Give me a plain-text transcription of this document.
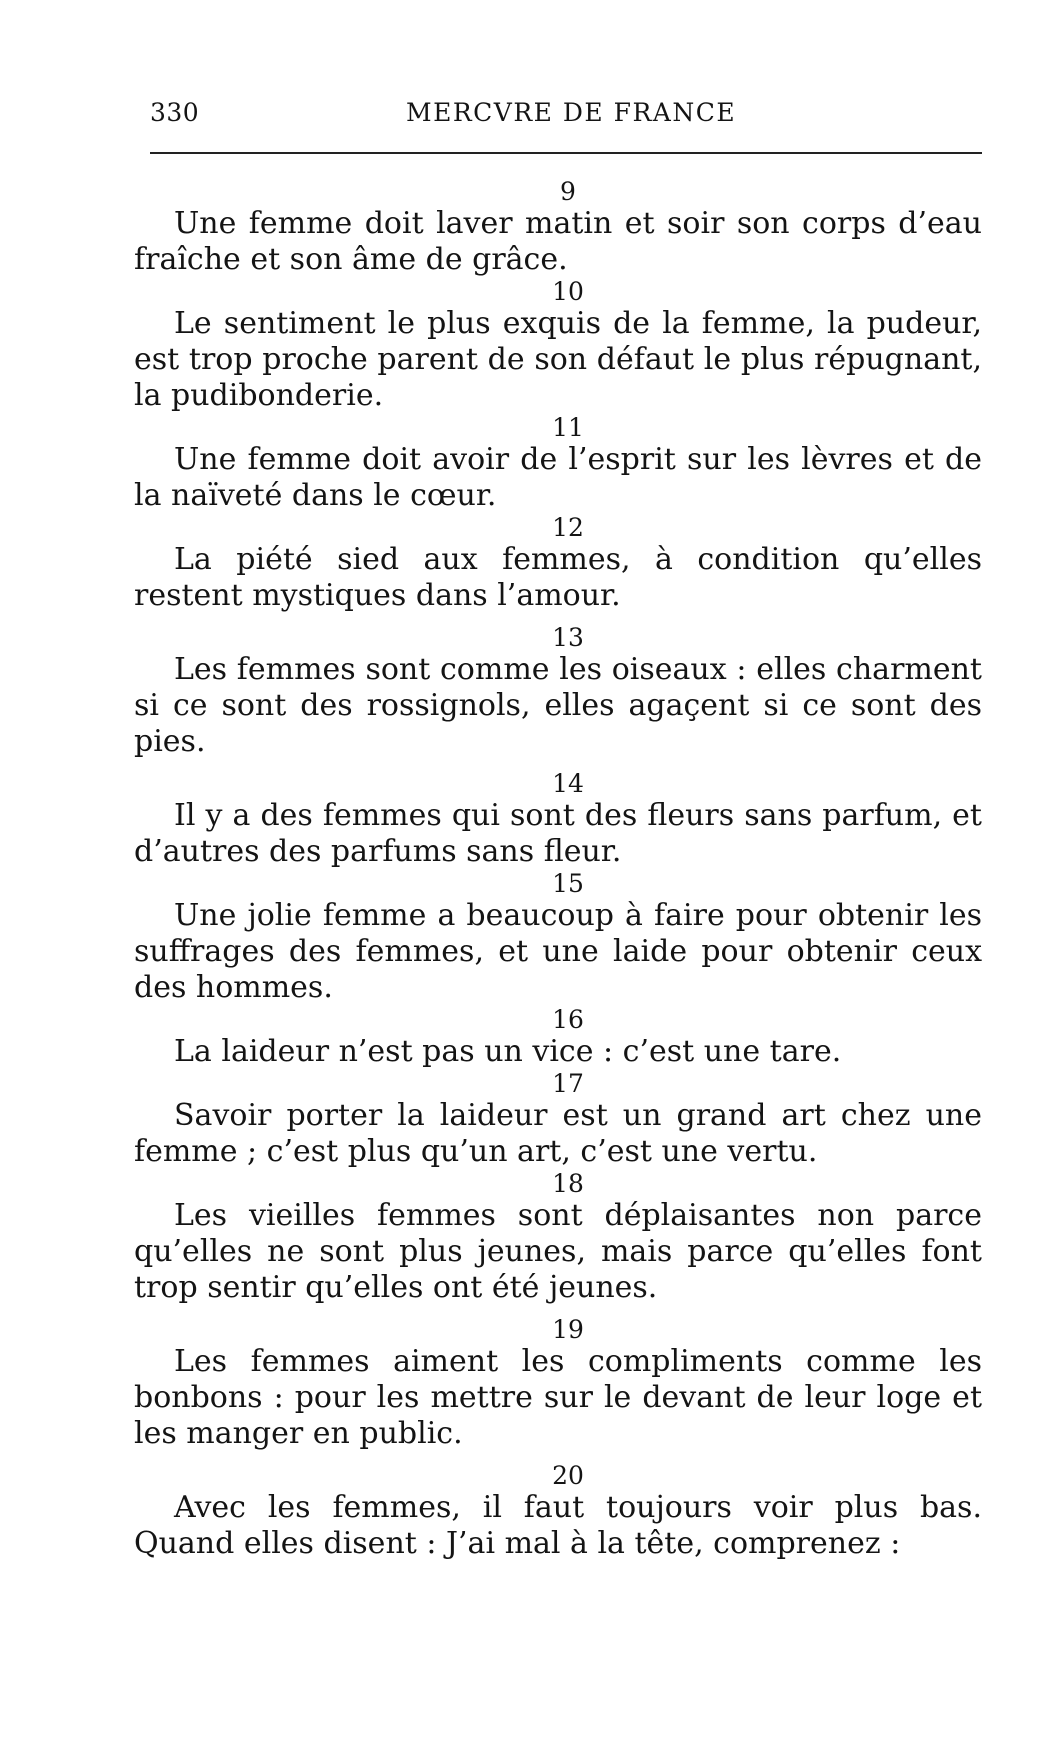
330	MERCVRE DE FRANCE
9
Une femme doit laver matin et soir son corps d’eau fraîche et son âme de grâce.
10
Le sentiment le plus exquis de la femme, la pudeur, est trop proche parent de son défaut le plus répugnant, la pudibonderie.
11
Une femme doit avoir de l’esprit sur les lèvres et de la naïveté dans le cœur.
12
La piété sied aux femmes, à condition qu’elles restent mystiques dans l’amour.
13
Les femmes sont comme les oiseaux : elles charment si ce sont des rossignols, elles agaçent si ce sont des pies.
14
Il y a des femmes qui sont des fleurs sans parfum, et d’autres des parfums sans fleur.
15
Une jolie femme a beaucoup à faire pour obtenir les suffrages des femmes, et une laide pour obtenir ceux des hommes.
16
La laideur n’est pas un vice : c’est une tare.
17
Savoir porter la laideur est un grand art chez une femme ; c’est plus qu’un art, c’est une vertu.
18
Les vieilles femmes sont déplaisantes non parce qu’elles ne sont plus jeunes, mais parce qu’elles font trop sentir qu’elles ont été jeunes.
19
Les femmes aiment les compliments comme les bonbons : pour les mettre sur le devant de leur loge et les manger en public.
20
Avec les femmes, il faut toujours voir plus bas. Quand elles disent : J’ai mal à la tête, comprenez :
